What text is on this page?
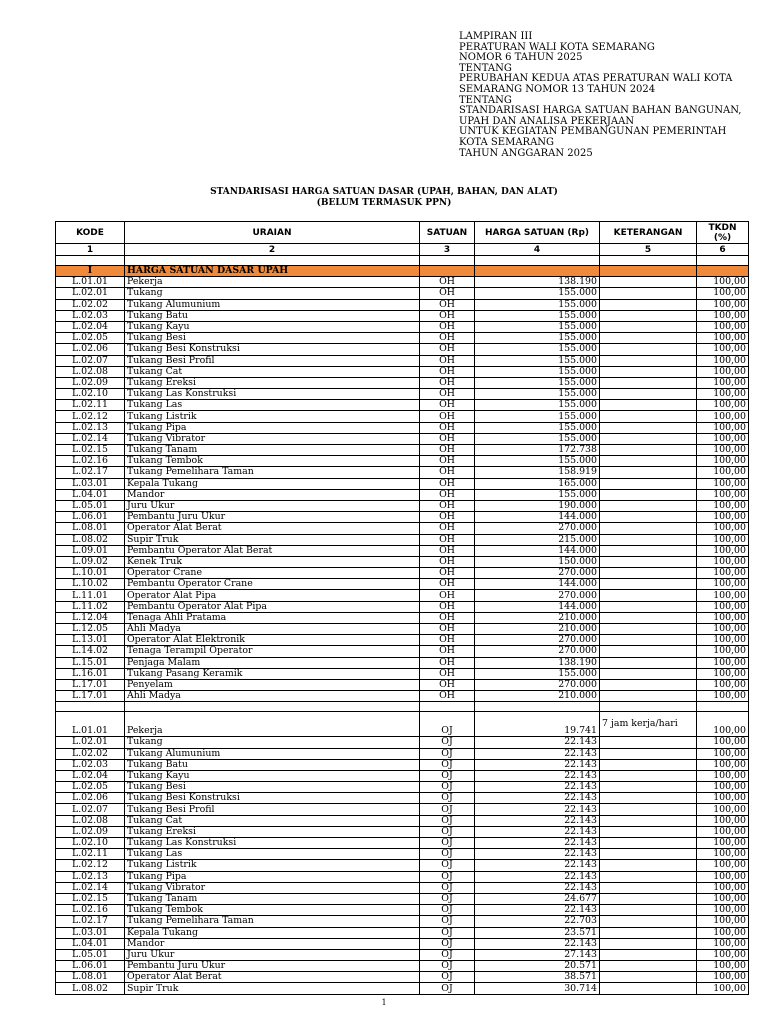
LAMPIRAN III
PERATURAN WALI KOTA SEMARANG
NOMOR 6 TAHUN 2025
TENTANG
PERUBAHAN KEDUA ATAS PERATURAN WALI KOTA
SEMARANG NOMOR 13 TAHUN 2024
TENTANG
STANDARISASI HARGA SATUAN BAHAN BANGUNAN,
UPAH DAN ANALISA PEKERJAAN
UNTUK KEGIATAN PEMBANGUNAN PEMERINTAH
KOTA SEMARANG
TAHUN ANGGARAN 2025
STANDARISASI HARGA SATUAN DASAR (UPAH, BAHAN, DAN ALAT)
(BELUM TERMASUK PPN)
KODE	URAIAN	SATUAN	HARGA SATUAN (Rp)	KETERANGAN	TKDN (%)
1	2	3	4	5	6

I	HARGA SATUAN DASAR UPAH				
L.01.01	Pekerja	OH	138.190		100,00
L.02.01	Tukang	OH	155.000		100,00
L.02.02	Tukang Alumunium	OH	155.000		100,00
L.02.03	Tukang Batu	OH	155.000		100,00
L.02.04	Tukang Kayu	OH	155.000		100,00
L.02.05	Tukang Besi	OH	155.000		100,00
L.02.06	Tukang Besi Konstruksi	OH	155.000		100,00
L.02.07	Tukang Besi Profil	OH	155.000		100,00
L.02.08	Tukang Cat	OH	155.000		100,00
L.02.09	Tukang Ereksi	OH	155.000		100,00
L.02.10	Tukang Las Konstruksi	OH	155.000		100,00
L.02.11	Tukang Las	OH	155.000		100,00
L.02.12	Tukang Listrik	OH	155.000		100,00
L.02.13	Tukang Pipa	OH	155.000		100,00
L.02.14	Tukang Vibrator	OH	155.000		100,00
L.02.15	Tukang Tanam	OH	172.738		100,00
L.02.16	Tukang Tembok	OH	155.000		100,00
L.02.17	Tukang Pemelihara Taman	OH	158.919		100,00
L.03.01	Kepala Tukang	OH	165.000		100,00
L.04.01	Mandor	OH	155.000		100,00
L.05.01	Juru Ukur	OH	190.000		100,00
L.06.01	Pembantu Juru Ukur	OH	144.000		100,00
L.08.01	Operator Alat Berat	OH	270.000		100,00
L.08.02	Supir Truk	OH	215.000		100,00
L.09.01	Pembantu Operator Alat Berat	OH	144.000		100,00
L.09.02	Kenek Truk	OH	150.000		100,00
L.10.01	Operator Crane	OH	270.000		100,00
L.10.02	Pembantu Operator Crane	OH	144.000		100,00
L.11.01	Operator Alat Pipa	OH	270.000		100,00
L.11.02	Pembantu Operator Alat Pipa	OH	144.000		100,00
L.12.04	Tenaga Ahli Pratama	OH	210.000		100,00
L.12.05	Ahli Madya	OH	210.000		100,00
L.13.01	Operator Alat Elektronik	OH	270.000		100,00
L.14.02	Tenaga Terampil Operator	OH	270.000		100,00
L.15.01	Penjaga Malam	OH	138.190		100,00
L.16.01	Tukang Pasang Keramik	OH	155.000		100,00
L.17.01	Penyelam	OH	270.000		100,00
L.17.01	Ahli Madya	OH	210.000		100,00

L.01.01	Pekerja	OJ	19.741	7 jam kerja/hari	100,00
L.02.01	Tukang	OJ	22.143		100,00
L.02.02	Tukang Alumunium	OJ	22.143		100,00
L.02.03	Tukang Batu	OJ	22.143		100,00
L.02.04	Tukang Kayu	OJ	22.143		100,00
L.02.05	Tukang Besi	OJ	22.143		100,00
L.02.06	Tukang Besi Konstruksi	OJ	22.143		100,00
L.02.07	Tukang Besi Profil	OJ	22.143		100,00
L.02.08	Tukang Cat	OJ	22.143		100,00
L.02.09	Tukang Ereksi	OJ	22.143		100,00
L.02.10	Tukang Las Konstruksi	OJ	22.143		100,00
L.02.11	Tukang Las	OJ	22.143		100,00
L.02.12	Tukang Listrik	OJ	22.143		100,00
L.02.13	Tukang Pipa	OJ	22.143		100,00
L.02.14	Tukang Vibrator	OJ	22.143		100,00
L.02.15	Tukang Tanam	OJ	24.677		100,00
L.02.16	Tukang Tembok	OJ	22.143		100,00
L.02.17	Tukang Pemelihara Taman	OJ	22.703		100,00
L.03.01	Kepala Tukang	OJ	23.571		100,00
L.04.01	Mandor	OJ	22.143		100,00
L.05.01	Juru Ukur	OJ	27.143		100,00
L.06.01	Pembantu Juru Ukur	OJ	20.571		100,00
L.08.01	Operator Alat Berat	OJ	38.571		100,00
L.08.02	Supir Truk	OJ	30.714		100,00
1
